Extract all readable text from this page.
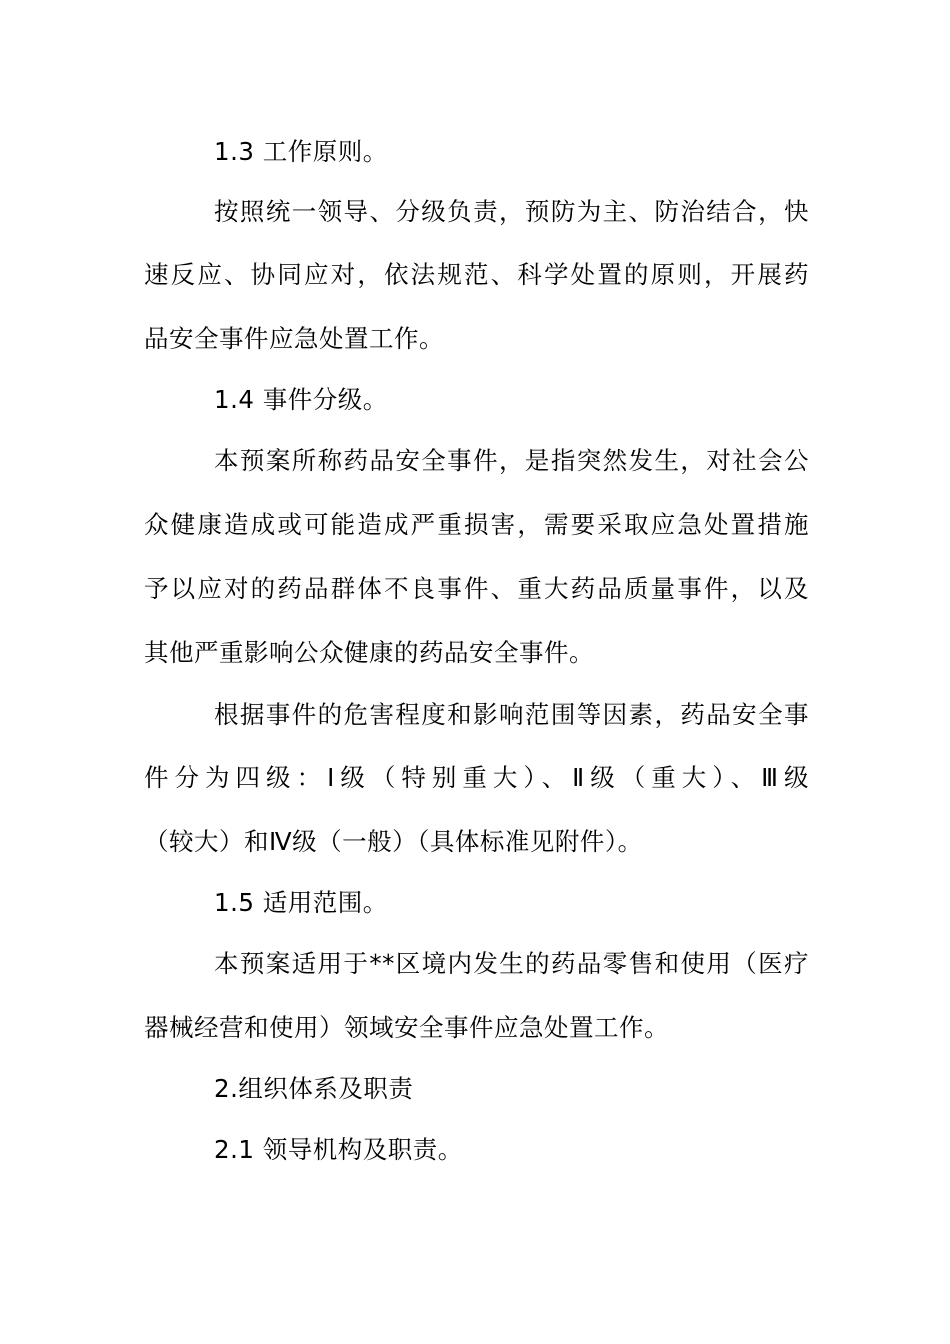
1.3 工作原则。
按照统一领导、分级负责，预防为主、防治结合，快
速反应、协同应对，依法规范、科学处置的原则，开展药
品安全事件应急处置工作。
1.4 事件分级。
本预案所称药品安全事件，是指突然发生，对社会公
众健康造成或可能造成严重损害，需要采取应急处置措施
予以应对的药品群体不良事件、重大药品质量事件，以及
其他严重影响公众健康的药品安全事件。
根据事件的危害程度和影响范围等因素，药品安全事
件分为四级：Ⅰ级（特别重大）、Ⅱ级（重大）、Ⅲ级
（较大）和Ⅳ级（一般）（具体标准见附件）。
1.5 适用范围。
本预案适用于**区境内发生的药品零售和使用（医疗
器械经营和使用）领域安全事件应急处置工作。
2.组织体系及职责
2.1 领导机构及职责。
